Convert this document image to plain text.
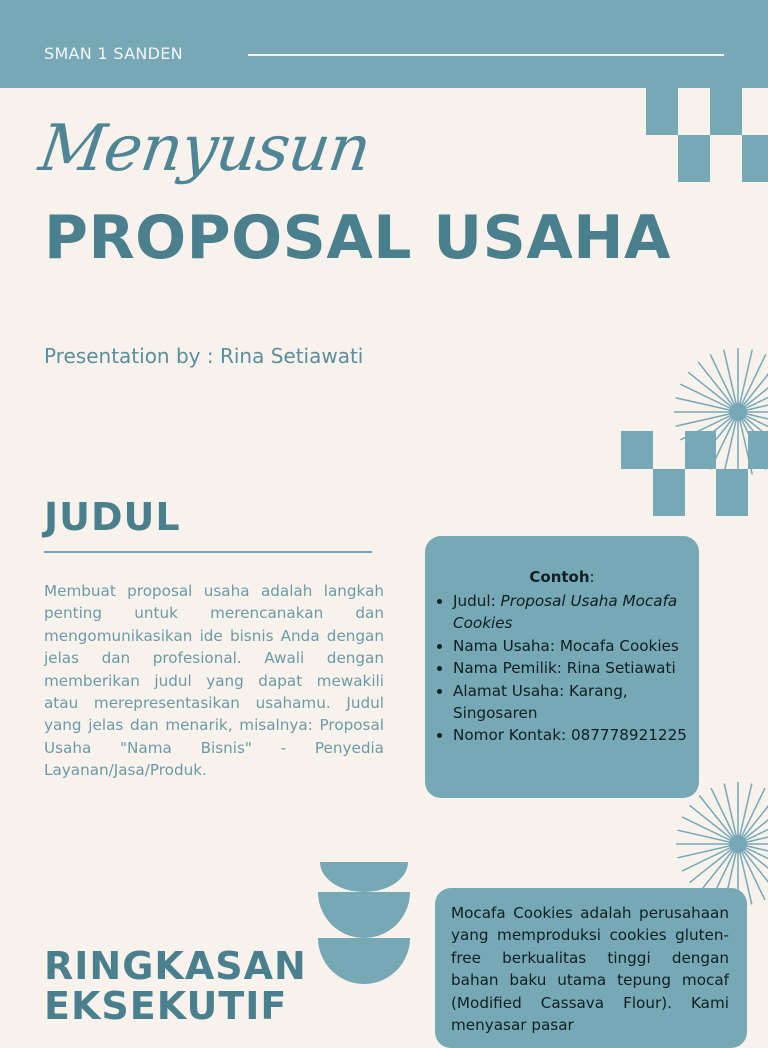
SMAN 1 SANDEN
Menyusun
PROPOSAL USAHA
Presentation by : Rina Setiawati
JUDUL
Membuat proposal usaha adalah langkah penting untuk merencanakan dan mengomunikasikan ide bisnis Anda dengan jelas dan profesional. Awali dengan memberikan judul yang dapat mewakili atau merepresentasikan usahamu. Judul yang jelas dan menarik, misalnya: Proposal Usaha "Nama Bisnis" - Penyedia Layanan/Jasa/Produk.
Contoh:
• Judul: Proposal Usaha Mocafa Cookies
• Nama Usaha: Mocafa Cookies
• Nama Pemilik: Rina Setiawati
• Alamat Usaha: Karang, Singosaren
• Nomor Kontak: 087778921225
RINGKASAN
EKSEKUTIF

Mocafa Cookies adalah perusahaan yang memproduksi cookies gluten-free berkualitas tinggi dengan bahan baku utama tepung mocaf (Modified Cassava Flour). Kami menyasar pasar
